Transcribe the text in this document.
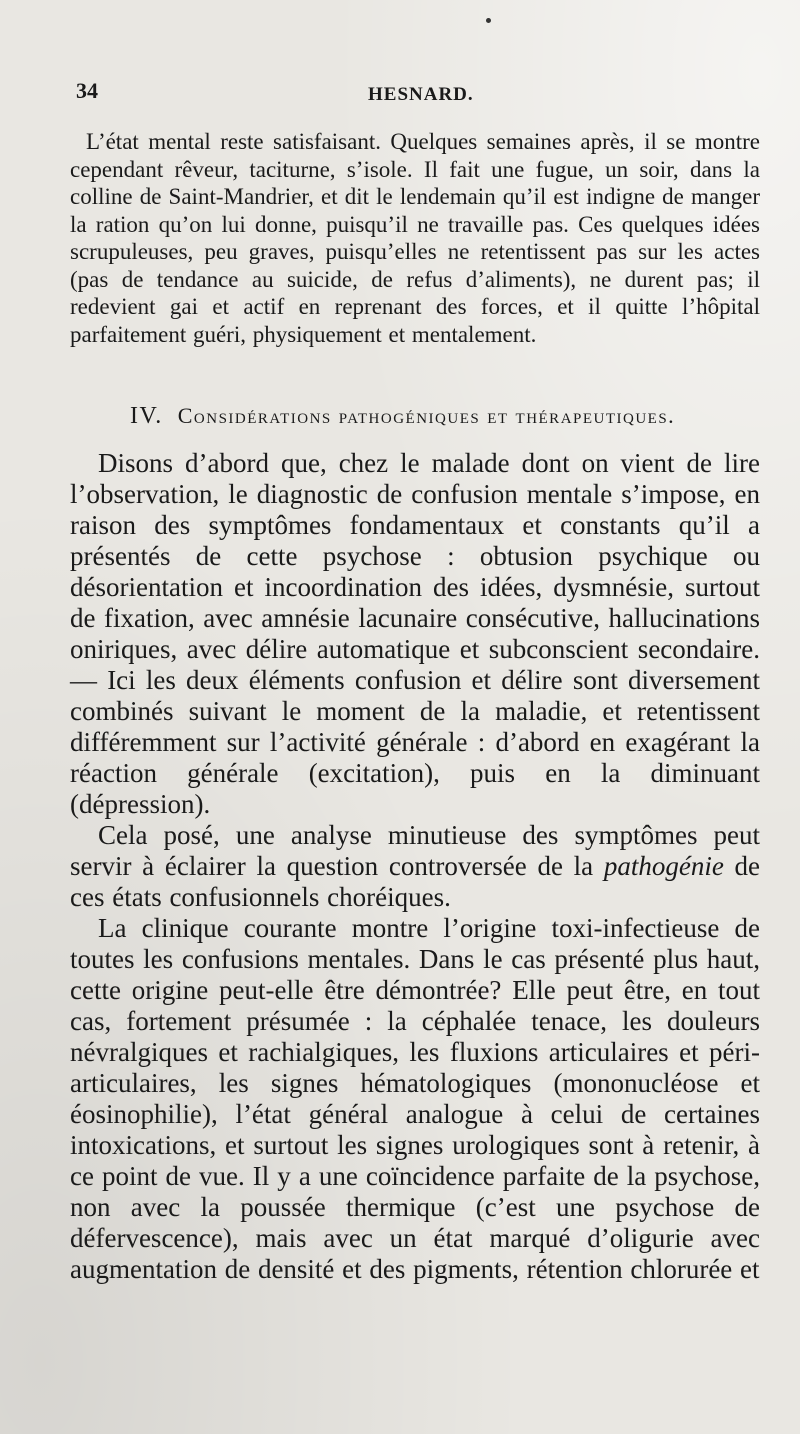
34	HESNARD.

L’état mental reste satisfaisant. Quelques semaines après, il se montre cependant rêveur, taciturne, s’isole. Il fait une fugue, un soir, dans la colline de Saint-Mandrier, et dit le lendemain qu’il est indigne de manger la ration qu’on lui donne, puisqu’il ne travaille pas. Ces quelques idées scrupuleuses, peu graves, puisqu’elles ne retentissent pas sur les actes (pas de tendance au suicide, de refus d’aliments), ne durent pas; il redevient gai et actif en reprenant des forces, et il quitte l’hôpital parfaitement guéri, physiquement et mentalement.

IV. Considérations pathogéniques et thérapeutiques.

Disons d’abord que, chez le malade dont on vient de lire l’observation, le diagnostic de confusion mentale s’impose, en raison des symptômes fondamentaux et constants qu’il a présentés de cette psychose : obtusion psychique ou désorientation et incoordination des idées, dysmnésie, surtout de fixation, avec amnésie lacunaire consécutive, hallucinations oniriques, avec délire automatique et subconscient secondaire. — Ici les deux éléments confusion et délire sont diversement combinés suivant le moment de la maladie, et retentissent différemment sur l’activité générale : d’abord en exagérant la réaction générale (excitation), puis en la diminuant (dépression).

Cela posé, une analyse minutieuse des symptômes peut servir à éclairer la question controversée de la pathogénie de ces états confusionnels choréiques.

La clinique courante montre l’origine toxi-infectieuse de toutes les confusions mentales. Dans le cas présenté plus haut, cette origine peut-elle être démontrée? Elle peut être, en tout cas, fortement présumée : la céphalée tenace, les douleurs névralgiques et rachialgiques, les fluxions articulaires et péri-articulaires, les signes hématologiques (mononucléose et éosinophilie), l’état général analogue à celui de certaines intoxications, et surtout les signes urologiques sont à retenir, à ce point de vue. Il y a une coïncidence parfaite de la psychose, non avec la poussée thermique (c’est une psychose de défervescence), mais avec un état marqué d’oligurie avec augmentation de densité et des pigments, rétention chlorurée et
